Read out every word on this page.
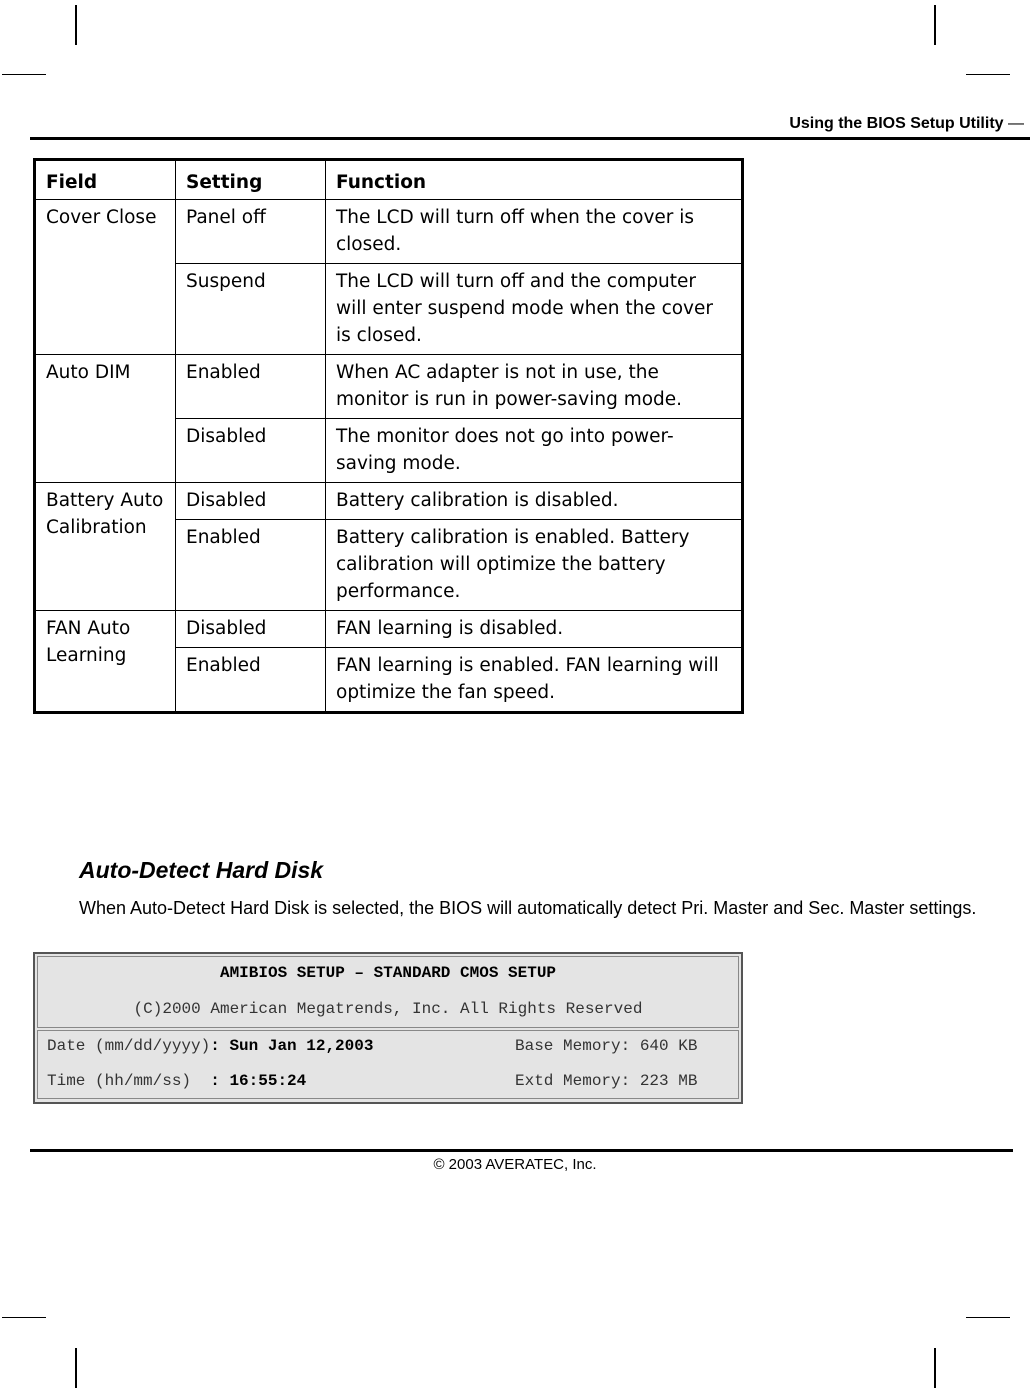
Using the BIOS Setup Utility —
Field	Setting	Function
Cover Close	Panel off	The LCD will turn off when the cover is closed.
	Suspend	The LCD will turn off and the computer will enter suspend mode when the cover is closed.
Auto DIM	Enabled	When AC adapter is not in use, the monitor is run in power-saving mode.
	Disabled	The monitor does not go into power-saving mode.
Battery Auto Calibration	Disabled	Battery calibration is disabled.
	Enabled	Battery calibration is enabled. Battery calibration will optimize the battery performance.
FAN Auto Learning	Disabled	FAN learning is disabled.
	Enabled	FAN learning is enabled. FAN learning will optimize the fan speed.
Auto-Detect Hard Disk
When Auto-Detect Hard Disk is selected, the BIOS will automatically detect Pri. Master and Sec. Master settings.
AMIBIOS SETUP – STANDARD CMOS SETUP
(C)2000 American Megatrends, Inc. All Rights Reserved
Date (mm/dd/yyyy): Sun Jan 12,2003	Base Memory: 640 KB
Time (hh/mm/ss)  : 16:55:24	Extd Memory: 223 MB
© 2003 AVERATEC, Inc.
